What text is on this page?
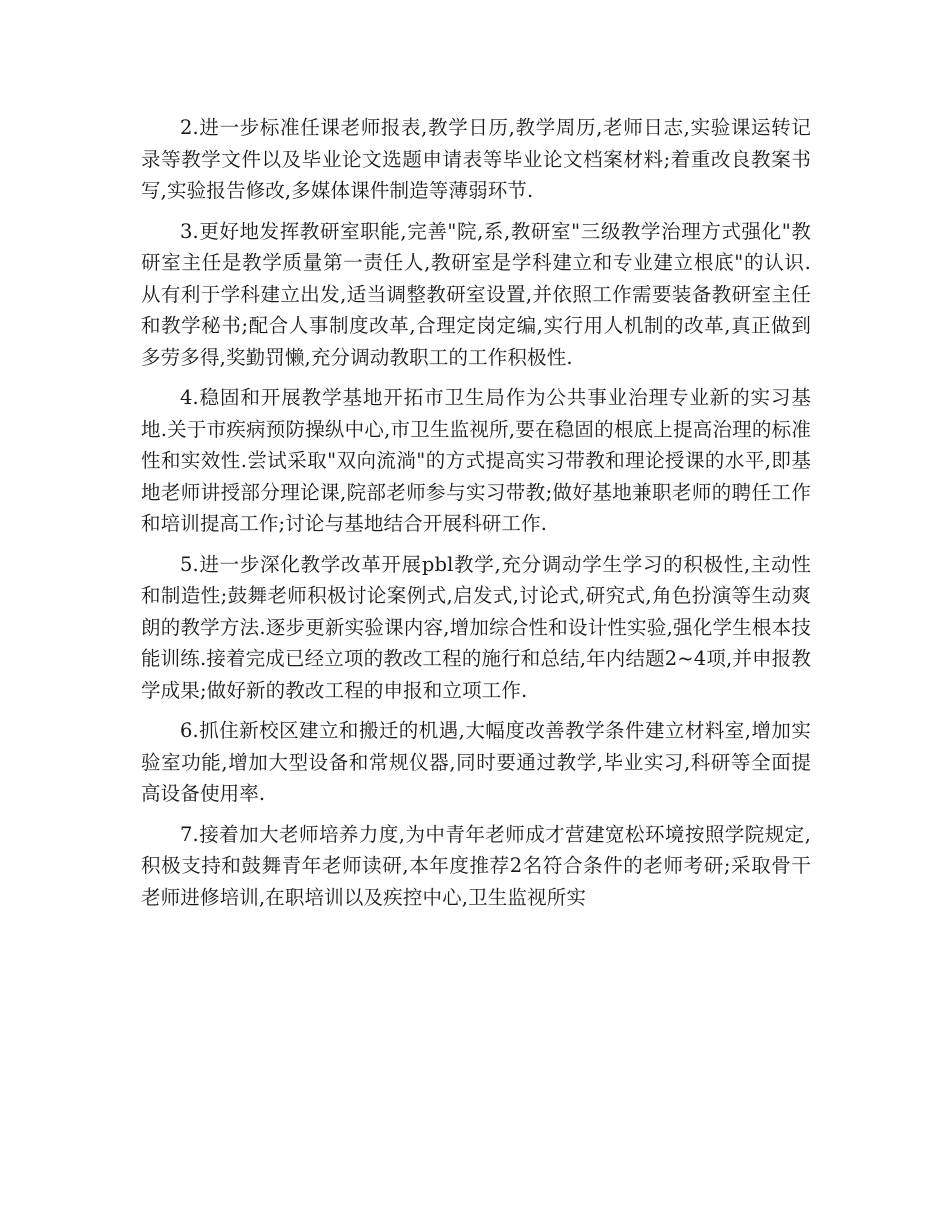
2.进一步标准任课老师报表,教学日历,教学周历,老师日志,实验课运转记录等教学文件以及毕业论文选题申请表等毕业论文档案材料;着重改良教案书写,实验报告修改,多媒体课件制造等薄弱环节.

3.更好地发挥教研室职能,完善"院,系,教研室"三级教学治理方式强化"教研室主任是教学质量第一责任人,教研室是学科建立和专业建立根底"的认识.从有利于学科建立出发,适当调整教研室设置,并依照工作需要装备教研室主任和教学秘书;配合人事制度改革,合理定岗定编,实行用人机制的改革,真正做到多劳多得,奖勤罚懒,充分调动教职工的工作积极性.

4.稳固和开展教学基地开拓市卫生局作为公共事业治理专业新的实习基地.关于市疾病预防操纵中心,市卫生监视所,要在稳固的根底上提高治理的标准性和实效性.尝试采取"双向流淌"的方式提高实习带教和理论授课的水平,即基地老师讲授部分理论课,院部老师参与实习带教;做好基地兼职老师的聘任工作和培训提高工作;讨论与基地结合开展科研工作.

5.进一步深化教学改革开展pbl教学,充分调动学生学习的积极性,主动性和制造性;鼓舞老师积极讨论案例式,启发式,讨论式,研究式,角色扮演等生动爽朗的教学方法.逐步更新实验课内容,增加综合性和设计性实验,强化学生根本技能训练.接着完成已经立项的教改工程的施行和总结,年内结题2~4项,并申报教学成果;做好新的教改工程的申报和立项工作.

6.抓住新校区建立和搬迁的机遇,大幅度改善教学条件建立材料室,增加实验室功能,增加大型设备和常规仪器,同时要通过教学,毕业实习,科研等全面提高设备使用率.

7.接着加大老师培养力度,为中青年老师成才营建宽松环境按照学院规定,积极支持和鼓舞青年老师读研,本年度推荐2名符合条件的老师考研;采取骨干老师进修培训,在职培训以及疾控中心,卫生监视所实
